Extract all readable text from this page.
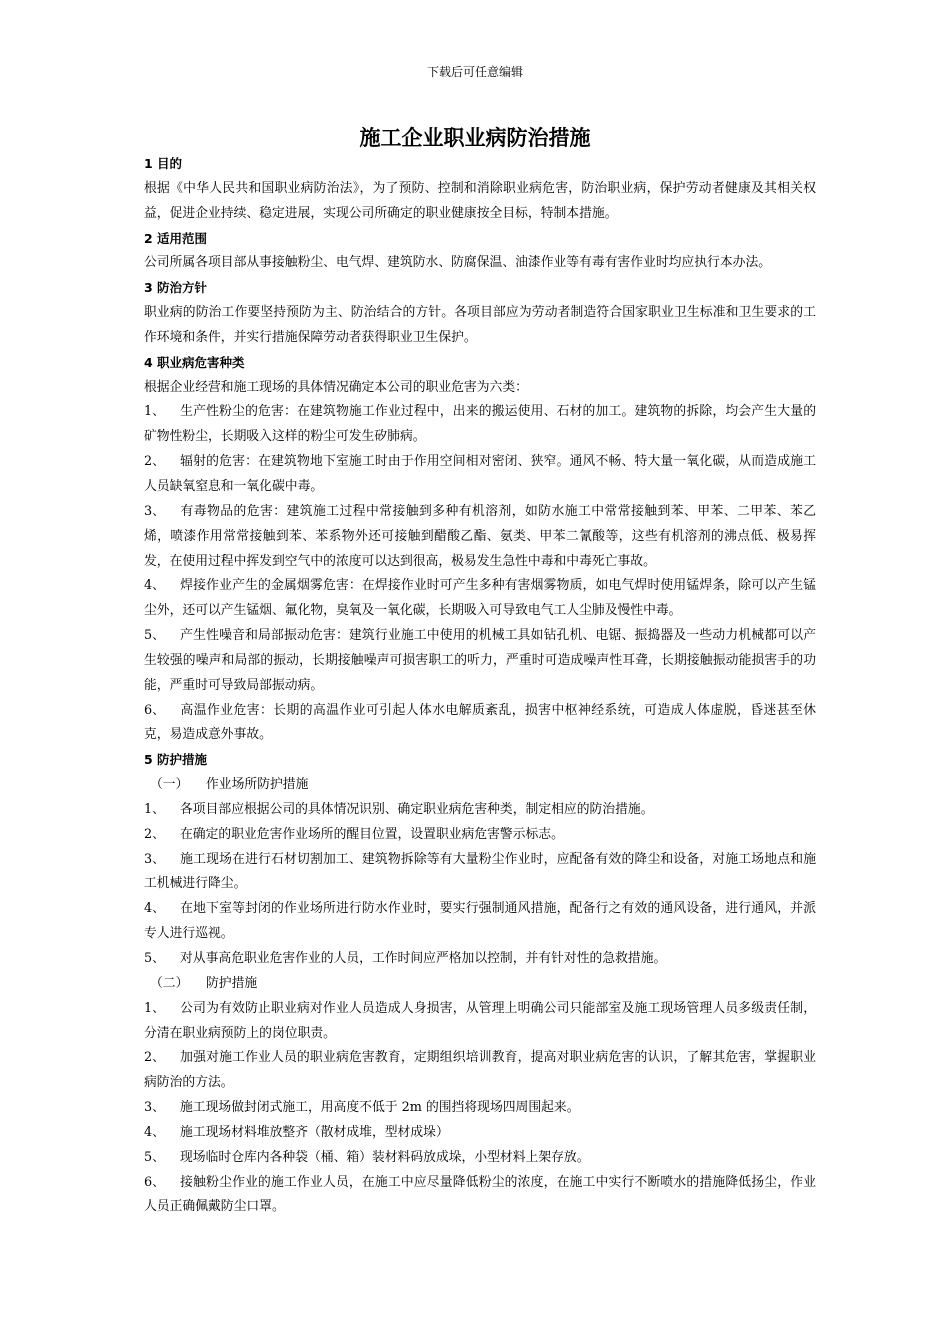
下载后可任意编辑
施工企业职业病防治措施

1 目的

根据《中华人民共和国职业病防治法》，为了预防、控制和消除职业病危害，防治职业病，保护劳动者健康及其相关权益，促进企业持续、稳定进展，实现公司所确定的职业健康按全目标，特制本措施。

2 适用范围

公司所属各项目部从事接触粉尘、电气焊、建筑防水、防腐保温、油漆作业等有毒有害作业时均应执行本办法。

3 防治方针

职业病的防治工作要坚持预防为主、防治结合的方针。各项目部应为劳动者制造符合国家职业卫生标准和卫生要求的工作环境和条件，并实行措施保障劳动者获得职业卫生保护。

4 职业病危害种类

根据企业经营和施工现场的具体情况确定本公司的职业危害为六类：

1、 生产性粉尘的危害：在建筑物施工作业过程中，出来的搬运使用、石材的加工。建筑物的拆除，均会产生大量的矿物性粉尘，长期吸入这样的粉尘可发生矽肺病。

2、 辐射的危害：在建筑物地下室施工时由于作用空间相对密闭、狭窄。通风不畅、特大量一氧化碳，从而造成施工人员缺氧窒息和一氧化碳中毒。

3、 有毒物品的危害：建筑施工过程中常接触到多种有机溶剂，如防水施工中常常接触到苯、甲苯、二甲苯、苯乙烯，喷漆作用常常接触到苯、苯系物外还可接触到醋酸乙酯、氨类、甲苯二氰酸等，这些有机溶剂的沸点低、极易挥发，在使用过程中挥发到空气中的浓度可以达到很高，极易发生急性中毒和中毒死亡事故。

4、 焊接作业产生的金属烟雾危害：在焊接作业时可产生多种有害烟雾物质，如电气焊时使用锰焊条，除可以产生锰尘外，还可以产生锰烟、氟化物，臭氧及一氧化碳，长期吸入可导致电气工人尘肺及慢性中毒。

5、 产生性噪音和局部振动危害：建筑行业施工中使用的机械工具如钻孔机、电锯、振捣器及一些动力机械都可以产生较强的噪声和局部的振动，长期接触噪声可损害职工的听力，严重时可造成噪声性耳聋，长期接触振动能损害手的功能，严重时可导致局部振动病。

6、 高温作业危害：长期的高温作业可引起人体水电解质紊乱，损害中枢神经系统，可造成人体虚脱，昏迷甚至休克，易造成意外事故。

5 防护措施

（一） 作业场所防护措施

1、 各项目部应根据公司的具体情况识别、确定职业病危害种类，制定相应的防治措施。

2、 在确定的职业危害作业场所的醒目位置，设置职业病危害警示标志。

3、 施工现场在进行石材切割加工、建筑物拆除等有大量粉尘作业时，应配备有效的降尘和设备，对施工场地点和施工机械进行降尘。

4、 在地下室等封闭的作业场所进行防水作业时，要实行强制通风措施，配备行之有效的通风设备，进行通风，并派专人进行巡视。

5、 对从事高危职业危害作业的人员，工作时间应严格加以控制，并有针对性的急救措施。

（二） 防护措施

1、 公司为有效防止职业病对作业人员造成人身损害，从管理上明确公司只能部室及施工现场管理人员多级责任制，分清在职业病预防上的岗位职责。

2、 加强对施工作业人员的职业病危害教育，定期组织培训教育，提高对职业病危害的认识，了解其危害，掌握职业病防治的方法。

3、 施工现场做封闭式施工，用高度不低于 2m 的围挡将现场四周围起来。

4、 施工现场材料堆放整齐（散材成堆，型材成垛）

5、 现场临时仓库内各种袋（桶、箱）装材料码放成垛，小型材料上架存放。

6、 接触粉尘作业的施工作业人员，在施工中应尽量降低粉尘的浓度，在施工中实行不断喷水的措施降低扬尘，作业人员正确佩戴防尘口罩。
